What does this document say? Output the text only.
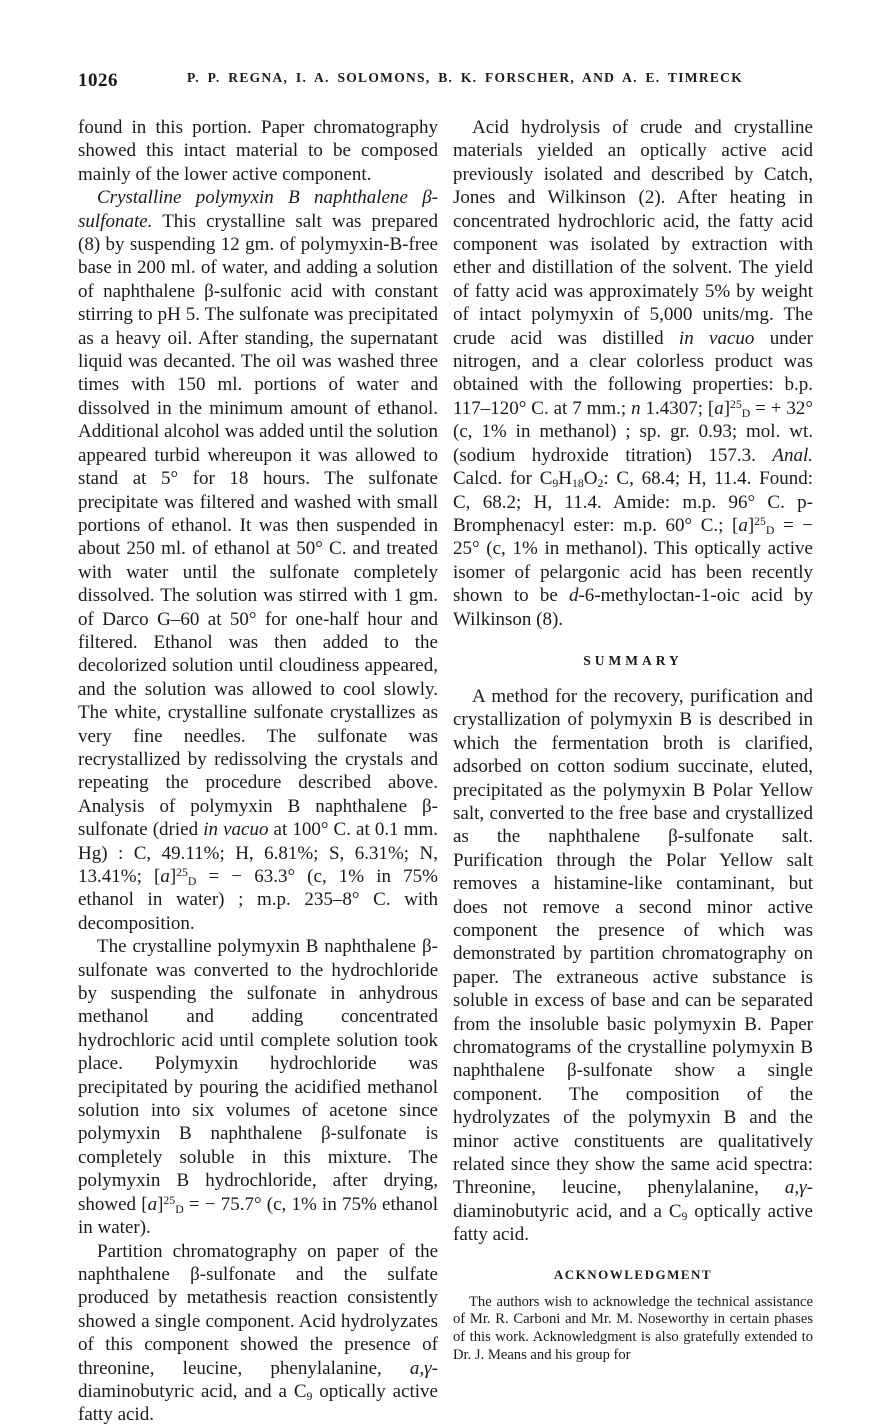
1026	P. P. REGNA, I. A. SOLOMONS, B. K. FORSCHER, AND A. E. TIMRECK

found in this portion. Paper chromatography showed this intact material to be composed mainly of the lower active component.

Crystalline polymyxin B naphthalene β-sulfonate. This crystalline salt was prepared (8) by suspending 12 gm. of polymyxin-B-free base in 200 ml. of water, and adding a solution of naphthalene β-sulfonic acid with constant stirring to pH 5. The sulfonate was precipitated as a heavy oil. After standing, the supernatant liquid was decanted. The oil was washed three times with 150 ml. portions of water and dissolved in the minimum amount of ethanol. Additional alcohol was added until the solution appeared turbid whereupon it was allowed to stand at 5° for 18 hours. The sulfonate precipitate was filtered and washed with small portions of ethanol. It was then suspended in about 250 ml. of ethanol at 50° C. and treated with water until the sulfonate completely dissolved. The solution was stirred with 1 gm. of Darco G–60 at 50° for one-half hour and filtered. Ethanol was then added to the decolorized solution until cloudiness appeared, and the solution was allowed to cool slowly. The white, crystalline sulfonate crystallizes as very fine needles. The sulfonate was recrystallized by redissolving the crystals and repeating the procedure described above. Analysis of polymyxin B naphthalene β-sulfonate (dried in vacuo at 100° C. at 0.1 mm. Hg) : C, 49.11%; H, 6.81%; S, 6.31%; N, 13.41%; $[a]^{25}_D$ = − 63.3° (c, 1% in 75% ethanol in water) ; m.p. 235–8° C. with decomposition.

The crystalline polymyxin B naphthalene β-sulfonate was converted to the hydrochloride by suspending the sulfonate in anhydrous methanol and adding concentrated hydrochloric acid until complete solution took place. Polymyxin hydrochloride was precipitated by pouring the acidified methanol solution into six volumes of acetone since polymyxin B naphthalene β-sulfonate is completely soluble in this mixture. The polymyxin B hydrochloride, after drying, showed $[a]^{25}_D$ = − 75.7° (c, 1% in 75% ethanol in water).

Partition chromatography on paper of the naphthalene β-sulfonate and the sulfate produced by metathesis reaction consistently showed a single component. Acid hydrolyzates of this component showed the presence of threonine, leucine, phenylalanine, a,γ-diaminobutyric acid, and a $C_9$ optically active fatty acid.

Acid hydrolysis of crude and crystalline materials yielded an optically active acid previously isolated and described by Catch, Jones and Wilkinson (2). After heating in concentrated hydrochloric acid, the fatty acid component was isolated by extraction with ether and distillation of the solvent. The yield of fatty acid was approximately 5% by weight of intact polymyxin of 5,000 units/mg. The crude acid was distilled in vacuo under nitrogen, and a clear colorless product was obtained with the following properties: b.p. 117–120° C. at 7 mm.; n 1.4307; $[a]^{25}_D$ = + 32° (c, 1% in methanol) ; sp. gr. 0.93; mol. wt. (sodium hydroxide titration) 157.3. Anal. Calcd. for $C_9H_{18}O_2$: C, 68.4; H, 11.4. Found: C, 68.2; H, 11.4. Amide: m.p. 96° C. p-Bromphenacyl ester: m.p. 60° C.; $[a]^{25}_D$ = − 25° (c, 1% in methanol). This optically active isomer of pelargonic acid has been recently shown to be d-6-methyloctan-1-oic acid by Wilkinson (8).

SUMMARY

A method for the recovery, purification and crystallization of polymyxin B is described in which the fermentation broth is clarified, adsorbed on cotton sodium succinate, eluted, precipitated as the polymyxin B Polar Yellow salt, converted to the free base and crystallized as the naphthalene β-sulfonate salt. Purification through the Polar Yellow salt removes a histamine-like contaminant, but does not remove a second minor active component the presence of which was demonstrated by partition chromatography on paper. The extraneous active substance is soluble in excess of base and can be separated from the insoluble basic polymyxin B. Paper chromatograms of the crystalline polymyxin B naphthalene β-sulfonate show a single component. The composition of the hydrolyzates of the polymyxin B and the minor active constituents are qualitatively related since they show the same acid spectra: Threonine, leucine, phenylalanine, a,γ-diaminobutyric acid, and a $C_9$ optically active fatty acid.

ACKNOWLEDGMENT

The authors wish to acknowledge the technical assistance of Mr. R. Carboni and Mr. M. Noseworthy in certain phases of this work. Acknowledgment is also gratefully extended to Dr. J. Means and his group for
